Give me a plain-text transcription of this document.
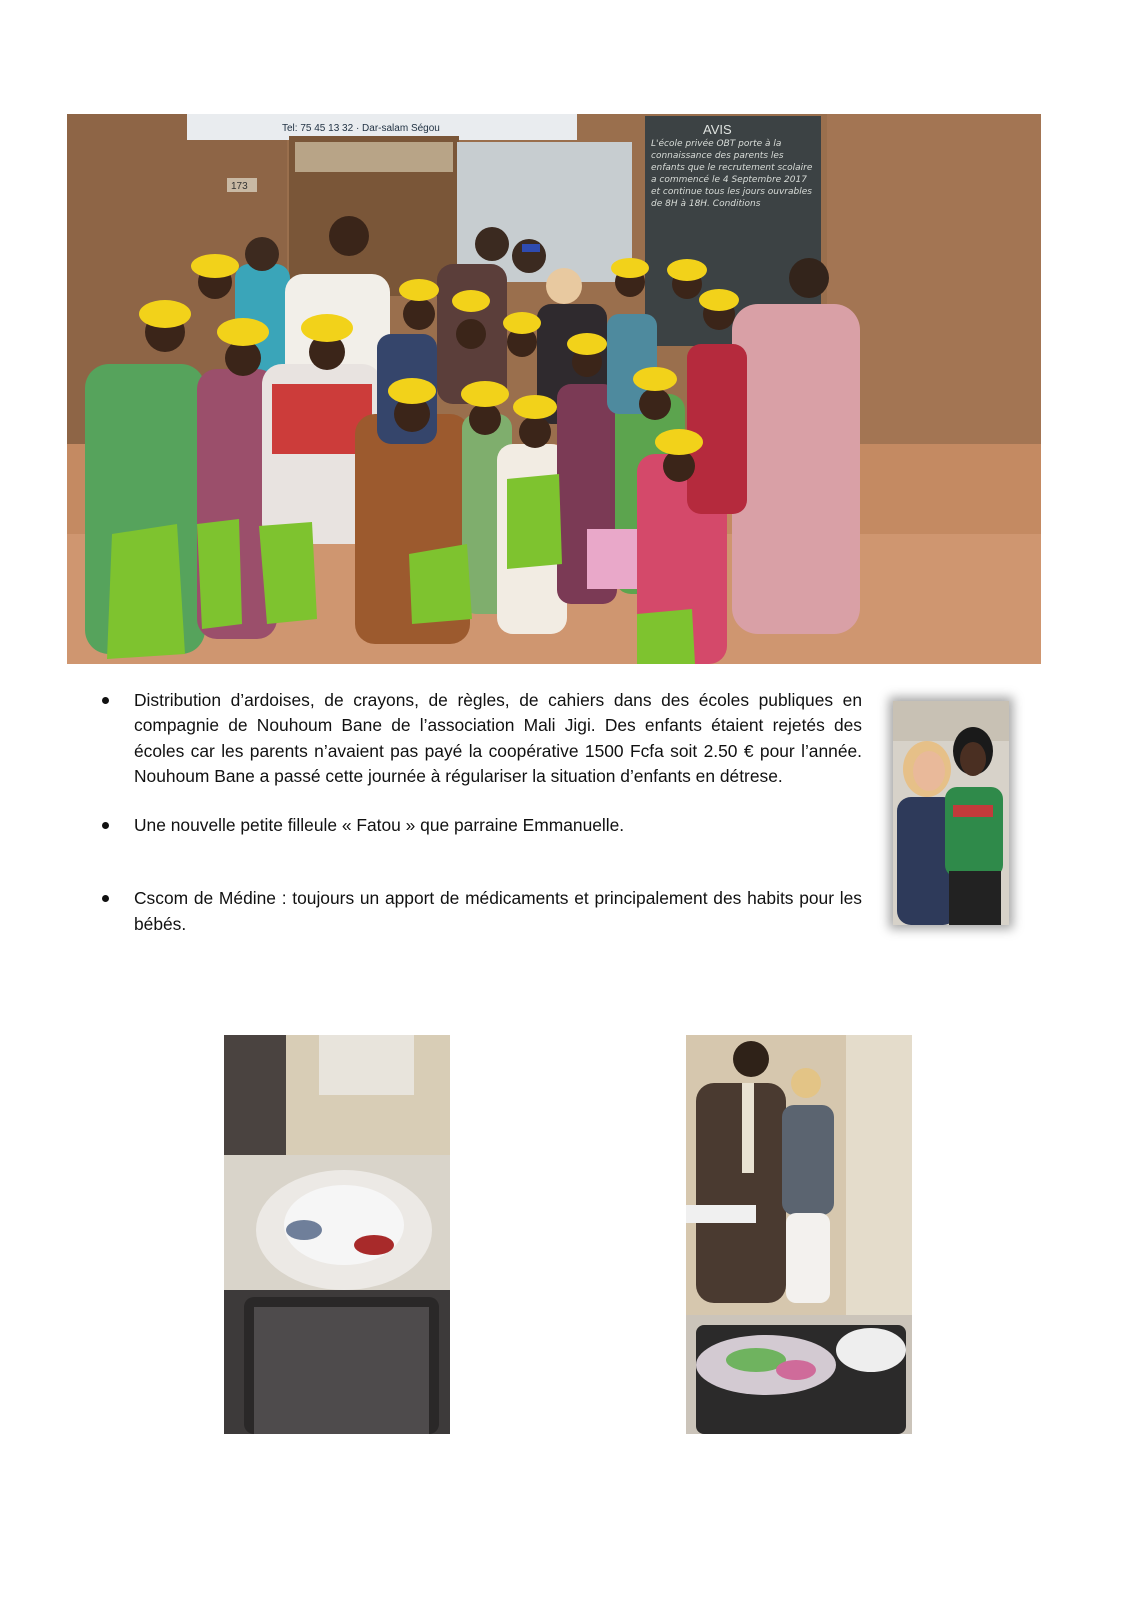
Tel: 75 45 13 32 · Dar-salam Ségou
173
AVIS
L'école privée OBT porte à la connaissance des parents les enfants que le recrutement scolaire a commencé le 4 Septembre 2017 et continue tous les jours ouvrables de 8H à 18H. Conditions
Distribution d’ardoises, de crayons, de règles, de cahiers dans des écoles publiques en compagnie de Nouhoum Bane de l’association Mali Jigi. Des enfants étaient rejetés des écoles car les parents n’avaient pas payé la coopérative 1500 Fcfa soit 2.50 € pour l’année. Nouhoum Bane a passé cette journée à régulariser la situation d’enfants en détrese.
Une nouvelle petite filleule « Fatou » que parraine Emmanuelle.
Cscom de Médine : toujours un apport de médicaments et principalement des habits pour les bébés.
